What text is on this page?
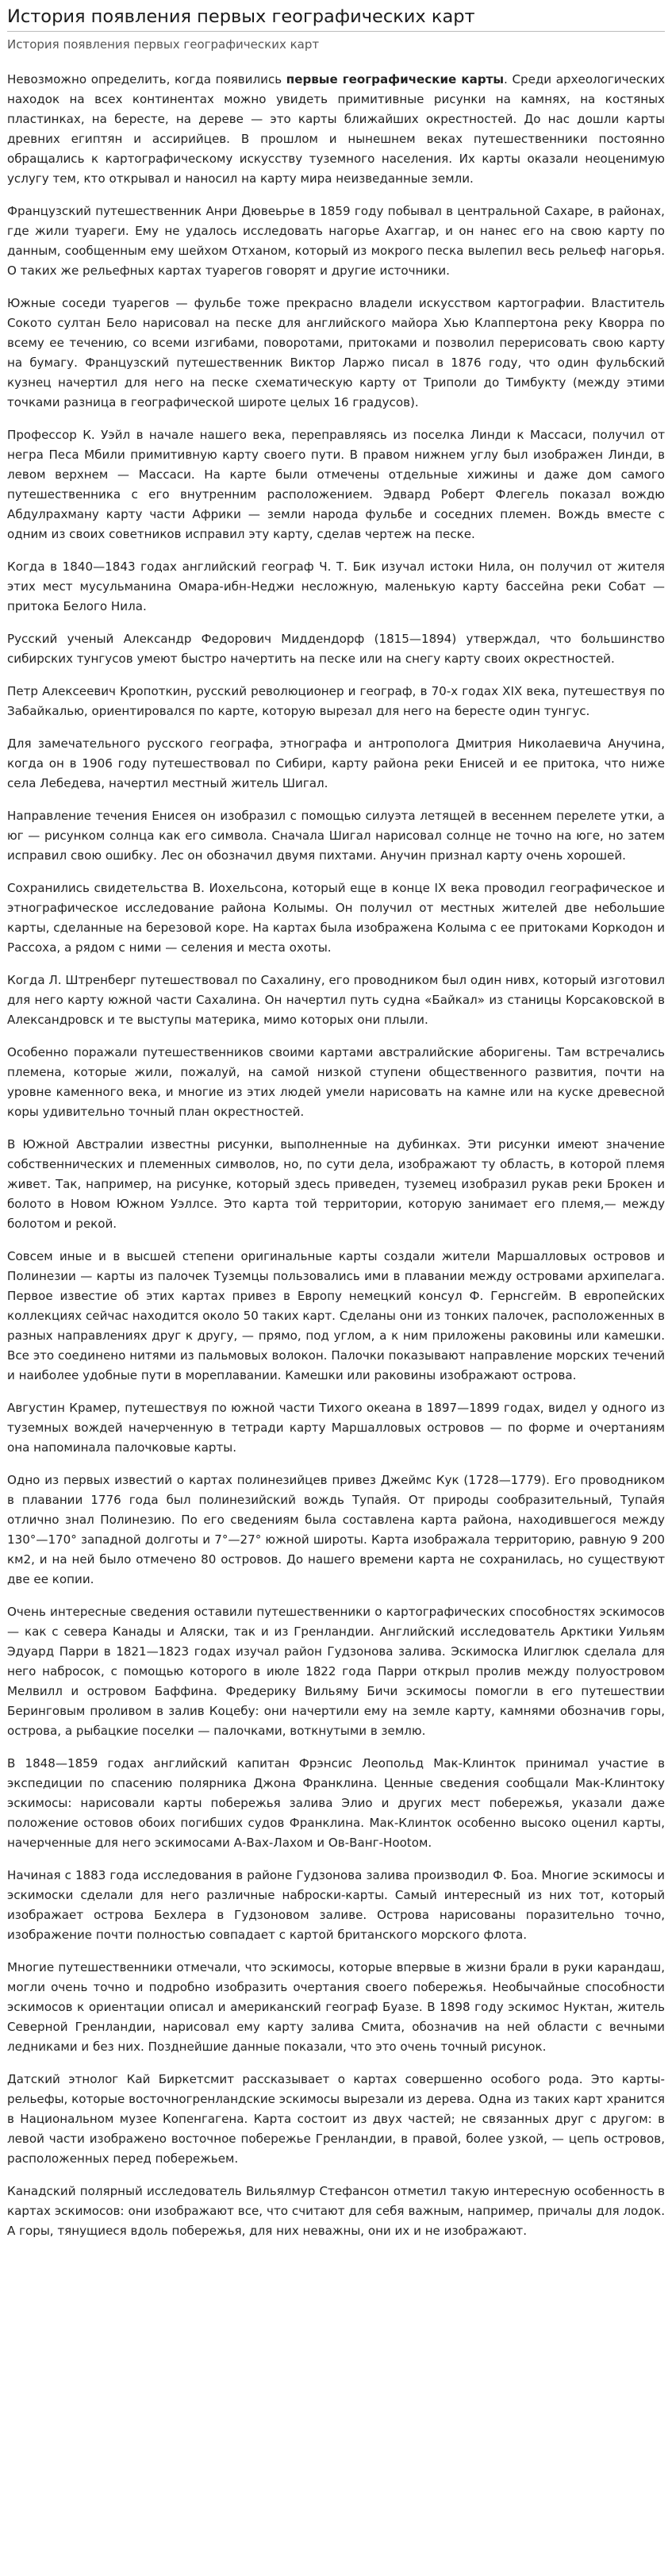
История появления первых географических карт
История появления первых географических карт

Невозможно определить, когда появились первые географические карты. Среди археологических находок на всех континентах можно увидеть примитивные рисунки на камнях, на костяных пластинках, на бересте, на дереве — это карты ближайших окрестностей. До нас дошли карты древних египтян и ассирийцев. В прошлом и нынешнем веках путешественники постоянно обращались к картографическому искусству туземного населения. Их карты оказали неоценимую услугу тем, кто открывал и наносил на карту мира неизведанные земли.

Французский путешественник Анри Дювеьрье в 1859 году побывал в центральной Сахаре, в районах, где жили туареги. Ему не удалось исследовать нагорье Ахаггар, и он нанес его на свою карту по данным, сообщенным ему шейхом Отханом, который из мокрого песка вылепил весь рельеф нагорья. О таких же рельефных картах туарегов говорят и другие источники.

Южные соседи туарегов — фульбе тоже прекрасно владели искусством картографии. Властитель Сокото султан Бело нарисовал на песке для английского майора Хью Клаппертона реку Кворра по всему ее течению, со всеми изгибами, поворотами, притоками и позволил перерисовать свою карту на бумагу. Французский путешественник Виктор Ларжо писал в 1876 году, что один фульбский кузнец начертил для него на песке схематическую карту от Триполи до Тимбукту (между этими точками разница в географической широте целых 16 градусов).

Профессор К. Уэйл в начале нашего века, переправляясь из поселка Линди к Массаси, получил от негра Песа Мбили примитивную карту своего пути. В правом нижнем углу был изображен Линди, в левом верхнем — Массаси. На карте были отмечены отдельные хижины и даже дом самого путешественника с его внутренним расположением. Эдвард Роберт Флегель показал вождю Абдулрахману карту части Африки — земли народа фульбе и соседних племен. Вождь вместе с одним из своих советников исправил эту карту, сделав чертеж на песке.

Когда в 1840—1843 годах английский географ Ч. Т. Бик изучал истоки Нила, он получил от жителя этих мест мусульманина Омара-ибн-Неджи несложную, маленькую карту бассейна реки Собат — притока Белого Нила.

Русский ученый Александр Федорович Миддендорф (1815—1894) утверждал, что большинство сибирских тунгусов умеют быстро начертить на песке или на снегу карту своих окрестностей.

Петр Алексеевич Кропоткин, русский революционер и географ, в 70-х годах XIX века, путешествуя по Забайкалью, ориентировался по карте, которую вырезал для него на бересте один тунгус.

Для замечательного русского географа, этнографа и антрополога Дмитрия Николаевича Анучина, когда он в 1906 году путешествовал по Сибири, карту района реки Енисей и ее притока, что ниже села Лебедева, начертил местный житель Шигал.

Направление течения Енисея он изобразил с помощью силуэта летящей в весеннем перелете утки, а юг — рисунком солнца как его символа. Сначала Шигал нарисовал солнце не точно на юге, но затем исправил свою ошибку. Лес он обозначил двумя пихтами. Анучин признал карту очень хорошей.

Сохранились свидетельства В. Иохельсона, который еще в конце IX века проводил географическое и этнографическое исследование района Колымы. Он получил от местных жителей две небольшие карты, сделанные на березовой коре. На картах была изображена Колыма с ее притоками Коркодон и Рассоха, а рядом с ними — селения и места охоты.

Когда Л. Штренберг путешествовал по Сахалину, его проводником был один нивх, который изготовил для него карту южной части Сахалина. Он начертил путь судна «Байкал» из станицы Корсаковской в Александровск и те выступы материка, мимо которых они плыли.

Особенно поражали путешественников своими картами австралийские аборигены. Там встречались племена, которые жили, пожалуй, на самой низкой ступени общественного развития, почти на уровне каменного века, и многие из этих людей умели нарисовать на камне или на куске древесной коры удивительно точный план окрестностей.

В Южной Австралии известны рисунки, выполненные на дубинках. Эти рисунки имеют значение собственнических и племенных символов, но, по сути дела, изображают ту область, в которой племя живет. Так, например, на рисунке, который здесь приведен, туземец изобразил рукав реки Брокен и болото в Новом Южном Уэллсе. Это карта той территории, которую занимает его племя,— между болотом и рекой.

Совсем иные и в высшей степени оригинальные карты создали жители Маршалловых островов и Полинезии — карты из палочек Туземцы пользовались ими в плавании между островами архипелага. Первое известие об этих картах привез в Европу немецкий консул Ф. Гернсгейм. В европейских коллекциях сейчас находится около 50 таких карт. Сделаны они из тонких палочек, расположенных в разных направлениях друг к другу, — прямо, под углом, а к ним приложены раковины или камешки. Все это соединено нитями из пальмовых волокон. Палочки показывают направление морских течений и наиболее удобные пути в мореплавании. Камешки или раковины изображают острова.

Августин Крамер, путешествуя по южной части Тихого океана в 1897—1899 годах, видел у одного из туземных вождей начерченную в тетради карту Маршалловых островов — по форме и очертаниям она напоминала палочковые карты.

Одно из первых известий о картах полинезийцев привез Джеймс Кук (1728—1779). Его проводником в плавании 1776 года был полинезийский вождь Тупайя. От природы сообразительный, Тупайя отлично знал Полинезию. По его сведениям была составлена карта района, находившегося между 130°—170° западной долготы и 7°—27° южной широты. Карта изображала территорию, равную 9 200 км2, и на ней было отмечено 80 островов. До нашего времени карта не сохранилась, но существуют две ее копии.

Очень интересные сведения оставили путешественники о картографических способностях эскимосов — как с севера Канады и Аляски, так и из Гренландии. Английский исследователь Арктики Уильям Эдуард Парри в 1821—1823 годах изучал район Гудзонова залива. Эскимоска Илиглюк сделала для него набросок, с помощью которого в июле 1822 года Парри открыл пролив между полуостровом Мелвилл и островом Баффина. Фредерику Вильяму Бичи эскимосы помогли в его путешествии Беринговым проливом в залив Коцебу: они начертили ему на земле карту, камнями обозначив горы, острова, а рыбацкие поселки — палочками, воткнутыми в землю.

В 1848—1859 годах английский капитан Фрэнсис Леопольд Мак-Клинток принимал участие в экспедиции по спасению полярника Джона Франклина. Ценные сведения сообщали Мак-Клинтоку эскимосы: нарисовали карты побережья залива Элио и других мест побережья, указали даже положение остовов обоих погибших судов Франклина. Мак-Клинток особенно высоко оценил карты, начерченные для него эскимосами А-Вах-Лахом и Ов-Ванг-Нootом.

Начиная с 1883 года исследования в районе Гудзонова залива производил Ф. Боа. Многие эскимосы и эскимоски сделали для него различные наброски-карты. Самый интересный из них тот, который изображает острова Бехлера в Гудзоновом заливе. Острова нарисованы поразительно точно, изображение почти полностью совпадает с картой британского морского флота.

Многие путешественники отмечали, что эскимосы, которые впервые в жизни брали в руки карандаш, могли очень точно и подробно изобразить очертания своего побережья. Необычайные способности эскимосов к ориентации описал и американский географ Буазе. В 1898 году эскимос Нуктан, житель Северной Гренландии, нарисовал ему карту залива Смита, обозначив на ней области с вечными ледниками и без них. Позднейшие данные показали, что это очень точный рисунок.

Датский этнолог Кай Биркетсмит рассказывает о картах совершенно особого рода. Это карты-рельефы, которые восточногренландские эскимосы вырезали из дерева. Одна из таких карт хранится в Национальном музее Копенгагена. Карта состоит из двух частей; не связанных друг с другом: в левой части изображено восточное побережье Гренландии, в правой, более узкой, — цепь островов, расположенных перед побережьем.

Канадский полярный исследователь Вильялмур Стефансон отметил такую интересную особенность в картах эскимосов: они изображают все, что считают для себя важным, например, причалы для лодок. А горы, тянущиеся вдоль побережья, для них неважны, они их и не изображают.
